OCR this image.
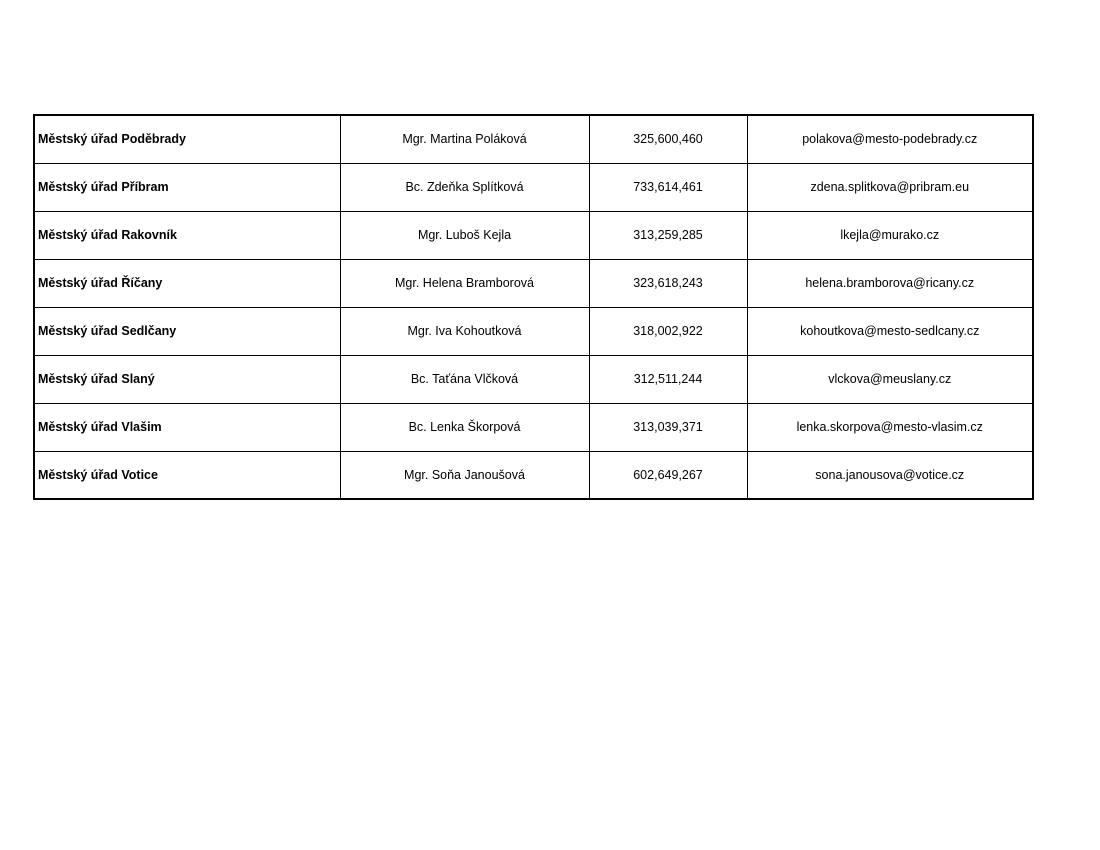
Městský úřad Poděbrady	Mgr. Martina Poláková	325,600,460	polakova@mesto-podebrady.cz
Městský úřad Příbram	Bc. Zdeňka Splítková	733,614,461	zdena.splitkova@pribram.eu
Městský úřad Rakovník	Mgr. Luboš Kejla	313,259,285	lkejla@murako.cz
Městský úřad Říčany	Mgr. Helena Bramborová	323,618,243	helena.bramborova@ricany.cz
Městský úřad Sedlčany	Mgr. Iva Kohoutková	318,002,922	kohoutkova@mesto-sedlcany.cz
Městský úřad Slaný	Bc. Taťána Vlčková	312,511,244	vlckova@meuslany.cz
Městský úřad Vlašim	Bc. Lenka Škorpová	313,039,371	lenka.skorpova@mesto-vlasim.cz
Městský úřad Votice	Mgr. Soňa Janoušová	602,649,267	sona.janousova@votice.cz
